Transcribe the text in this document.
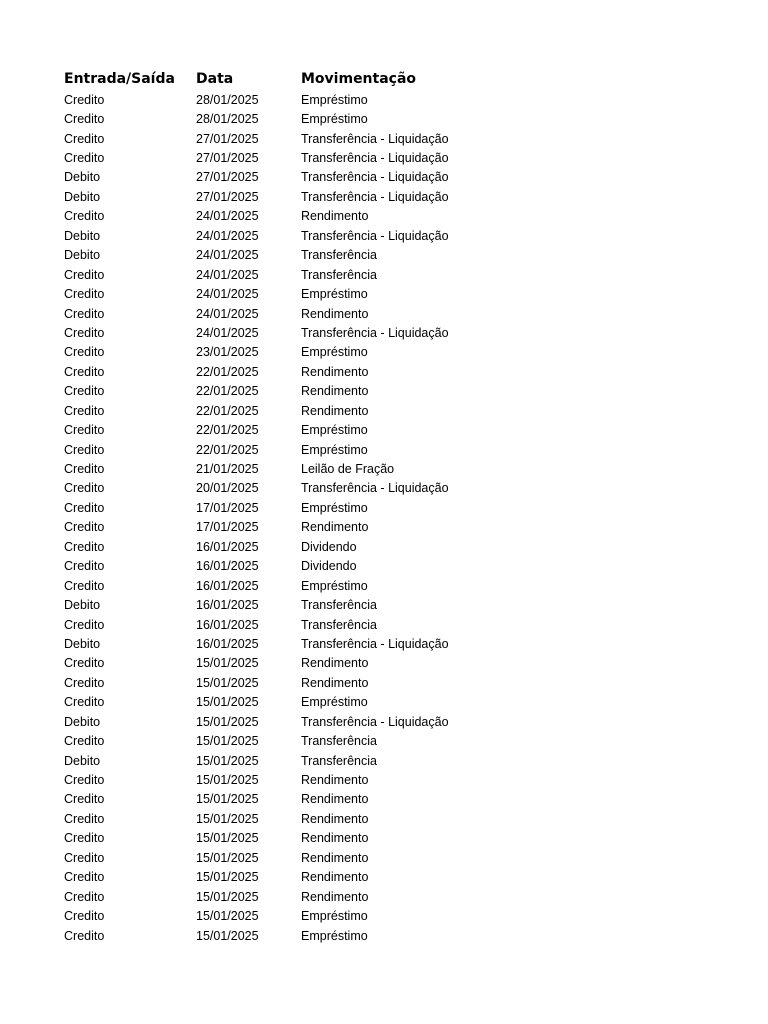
Entrada/Saída	Data	Movimentação
Credito	28/01/2025	Empréstimo
Credito	28/01/2025	Empréstimo
Credito	27/01/2025	Transferência - Liquidação
Credito	27/01/2025	Transferência - Liquidação
Debito	27/01/2025	Transferência - Liquidação
Debito	27/01/2025	Transferência - Liquidação
Credito	24/01/2025	Rendimento
Debito	24/01/2025	Transferência - Liquidação
Debito	24/01/2025	Transferência
Credito	24/01/2025	Transferência
Credito	24/01/2025	Empréstimo
Credito	24/01/2025	Rendimento
Credito	24/01/2025	Transferência - Liquidação
Credito	23/01/2025	Empréstimo
Credito	22/01/2025	Rendimento
Credito	22/01/2025	Rendimento
Credito	22/01/2025	Rendimento
Credito	22/01/2025	Empréstimo
Credito	22/01/2025	Empréstimo
Credito	21/01/2025	Leilão de Fração
Credito	20/01/2025	Transferência - Liquidação
Credito	17/01/2025	Empréstimo
Credito	17/01/2025	Rendimento
Credito	16/01/2025	Dividendo
Credito	16/01/2025	Dividendo
Credito	16/01/2025	Empréstimo
Debito	16/01/2025	Transferência
Credito	16/01/2025	Transferência
Debito	16/01/2025	Transferência - Liquidação
Credito	15/01/2025	Rendimento
Credito	15/01/2025	Rendimento
Credito	15/01/2025	Empréstimo
Debito	15/01/2025	Transferência - Liquidação
Credito	15/01/2025	Transferência
Debito	15/01/2025	Transferência
Credito	15/01/2025	Rendimento
Credito	15/01/2025	Rendimento
Credito	15/01/2025	Rendimento
Credito	15/01/2025	Rendimento
Credito	15/01/2025	Rendimento
Credito	15/01/2025	Rendimento
Credito	15/01/2025	Rendimento
Credito	15/01/2025	Empréstimo
Credito	15/01/2025	Empréstimo
